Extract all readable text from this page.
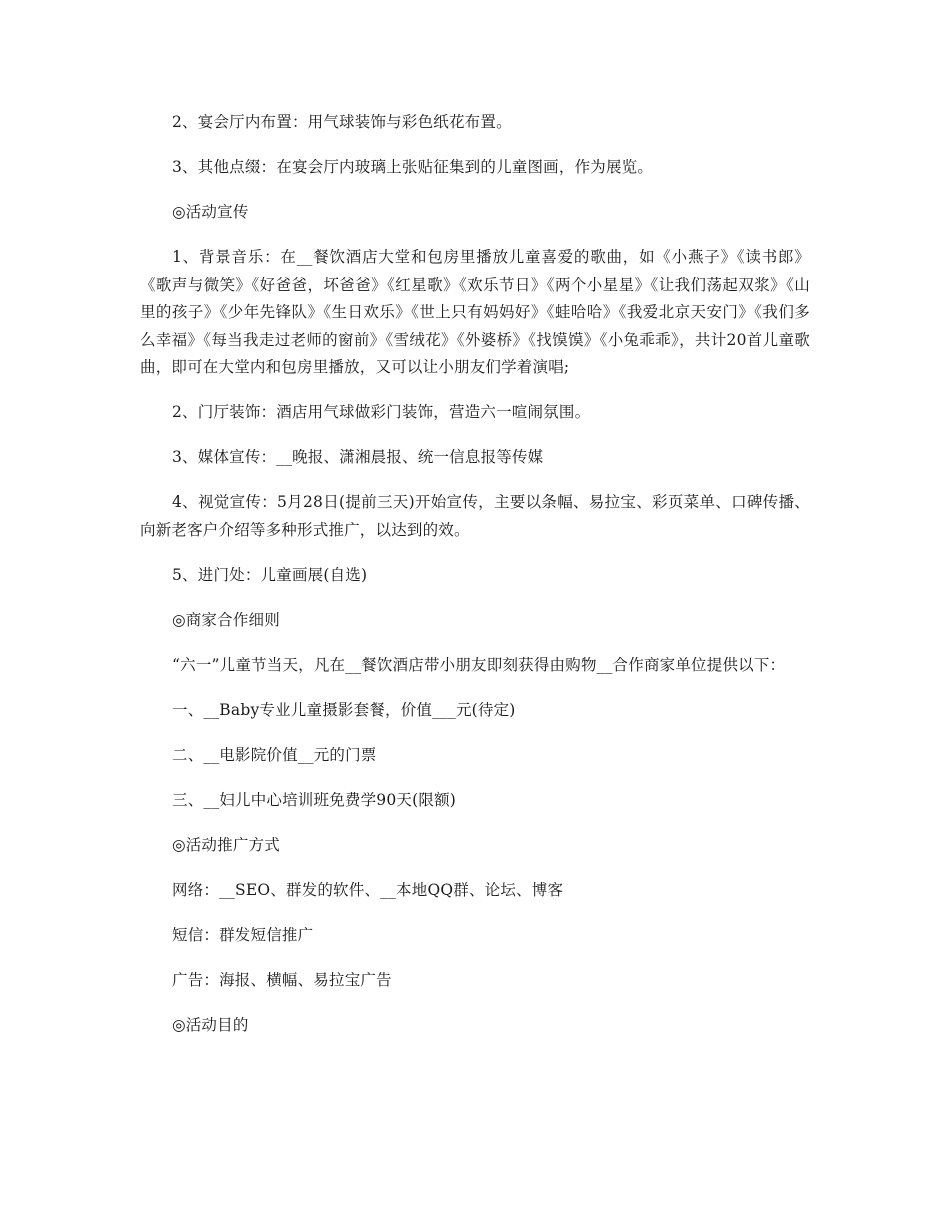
2、宴会厅内布置：用气球装饰与彩色纸花布置。

3、其他点缀：在宴会厅内玻璃上张贴征集到的儿童图画，作为展览。

◎活动宣传

1、背景音乐：在__餐饮酒店大堂和包房里播放儿童喜爱的歌曲，如《小燕子》《读书郎》《歌声与微笑》《好爸爸，坏爸爸》《红星歌》《欢乐节日》《两个小星星》《让我们荡起双浆》《山里的孩子》《少年先锋队》《生日欢乐》《世上只有妈妈好》《蛙哈哈》《我爱北京天安门》《我们多么幸福》《每当我走过老师的窗前》《雪绒花》《外婆桥》《找馍馍》《小兔乖乖》，共计20首儿童歌曲，即可在大堂内和包房里播放，又可以让小朋友们学着演唱;

2、门厅装饰：酒店用气球做彩门装饰，营造六一喧闹氛围。

3、媒体宣传：__晚报、潇湘晨报、统一信息报等传媒

4、视觉宣传：5月28日(提前三天)开始宣传，主要以条幅、易拉宝、彩页菜单、口碑传播、向新老客户介绍等多种形式推广，以达到的效。

5、进门处：儿童画展(自选)

◎商家合作细则

“六一”儿童节当天，凡在__餐饮酒店带小朋友即刻获得由购物__合作商家单位提供以下：

一、__Baby专业儿童摄影套餐，价值___元(待定)

二、__电影院价值__元的门票

三、__妇儿中心培训班免费学90天(限额)

◎活动推广方式

网络：__SEO、群发的软件、__本地QQ群、论坛、博客

短信：群发短信推广

广告：海报、横幅、易拉宝广告

◎活动目的
